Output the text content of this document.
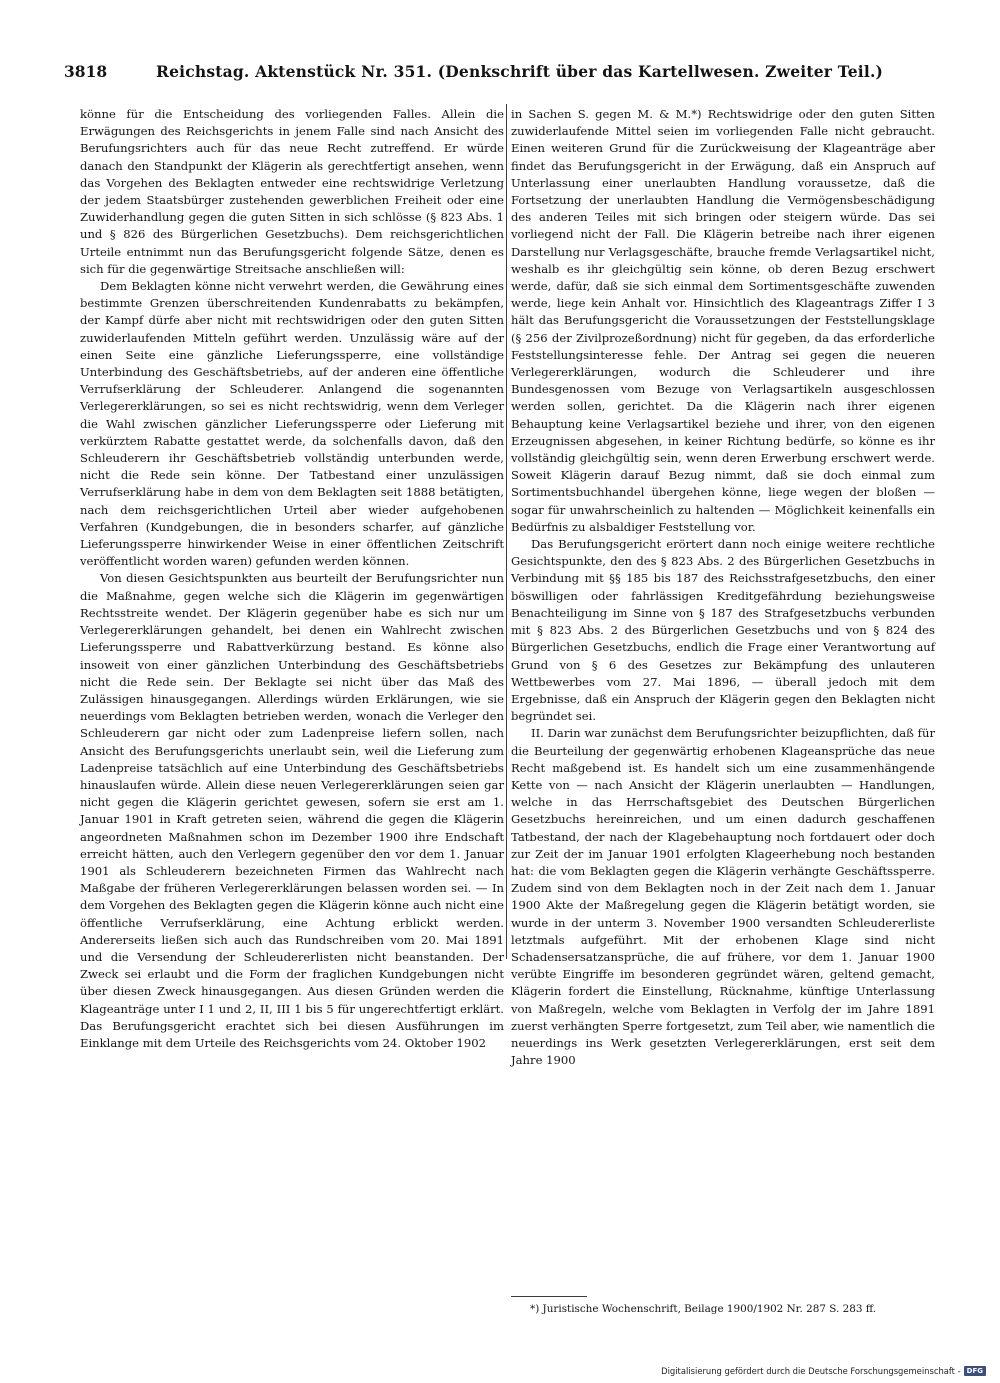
3818	Reichstag. Aktenstück Nr. 351. (Denkschrift über das Kartellwesen. Zweiter Teil.)

könne für die Entscheidung des vorliegenden Falles. Allein die Erwägungen des Reichsgerichts in jenem Falle sind nach Ansicht des Berufungsrichters auch für das neue Recht zutreffend. Er würde danach den Standpunkt der Klägerin als gerechtfertigt ansehen, wenn das Vorgehen des Beklagten entweder eine rechtswidrige Verletzung der jedem Staatsbürger zustehenden gewerblichen Freiheit oder eine Zuwiderhandlung gegen die guten Sitten in sich schlösse (§ 823 Abs. 1 und § 826 des Bürgerlichen Gesetzbuchs). Dem reichsgerichtlichen Urteile entnimmt nun das Berufungsgericht folgende Sätze, denen es sich für die gegenwärtige Streitsache anschließen will:

Dem Beklagten könne nicht verwehrt werden, die Gewährung eines bestimmte Grenzen überschreitenden Kundenrabatts zu bekämpfen, der Kampf dürfe aber nicht mit rechtswidrigen oder den guten Sitten zuwiderlaufenden Mitteln geführt werden. Unzulässig wäre auf der einen Seite eine gänzliche Lieferungssperre, eine vollständige Unterbindung des Geschäftsbetriebs, auf der anderen eine öffentliche Verrufserklärung der Schleuderer. Anlangend die sogenannten Verlegererklärungen, so sei es nicht rechtswidrig, wenn dem Verleger die Wahl zwischen gänzlicher Lieferungssperre oder Lieferung mit verkürztem Rabatte gestattet werde, da solchenfalls davon, daß den Schleuderern ihr Geschäftsbetrieb vollständig unterbunden werde, nicht die Rede sein könne. Der Tatbestand einer unzulässigen Verrufserklärung habe in dem von dem Beklagten seit 1888 betätigten, nach dem reichsgerichtlichen Urteil aber wieder aufgehobenen Verfahren (Kundgebungen, die in besonders scharfer, auf gänzliche Lieferungssperre hinwirkender Weise in einer öffentlichen Zeitschrift veröffentlicht worden waren) gefunden werden können.

Von diesen Gesichtspunkten aus beurteilt der Berufungsrichter nun die Maßnahme, gegen welche sich die Klägerin im gegenwärtigen Rechtsstreite wendet. Der Klägerin gegenüber habe es sich nur um Verlegererklärungen gehandelt, bei denen ein Wahlrecht zwischen Lieferungssperre und Rabattverkürzung bestand. Es könne also insoweit von einer gänzlichen Unterbindung des Geschäftsbetriebs nicht die Rede sein. Der Beklagte sei nicht über das Maß des Zulässigen hinausgegangen. Allerdings würden Erklärungen, wie sie neuerdings vom Beklagten betrieben werden, wonach die Verleger den Schleuderern gar nicht oder zum Ladenpreise liefern sollen, nach Ansicht des Berufungsgerichts unerlaubt sein, weil die Lieferung zum Ladenpreise tatsächlich auf eine Unterbindung des Geschäftsbetriebs hinauslaufen würde. Allein diese neuen Verlegererklärungen seien gar nicht gegen die Klägerin gerichtet gewesen, sofern sie erst am 1. Januar 1901 in Kraft getreten seien, während die gegen die Klägerin angeordneten Maßnahmen schon im Dezember 1900 ihre Endschaft erreicht hätten, auch den Verlegern gegenüber den vor dem 1. Januar 1901 als Schleuderern bezeichneten Firmen das Wahlrecht nach Maßgabe der früheren Verlegererklärungen belassen worden sei. — In dem Vorgehen des Beklagten gegen die Klägerin könne auch nicht eine öffentliche Verrufserklärung, eine Achtung erblickt werden. Andererseits ließen sich auch das Rundschreiben vom 20. Mai 1891 und die Versendung der Schleudererlisten nicht beanstanden. Der Zweck sei erlaubt und die Form der fraglichen Kundgebungen nicht über diesen Zweck hinausgegangen. Aus diesen Gründen werden die Klageanträge unter I 1 und 2, II, III 1 bis 5 für ungerechtfertigt erklärt. Das Berufungsgericht erachtet sich bei diesen Ausführungen im Einklange mit dem Urteile des Reichsgerichts vom 24. Oktober 1902

in Sachen S. gegen M. & M.*) Rechtswidrige oder den guten Sitten zuwiderlaufende Mittel seien im vorliegenden Falle nicht gebraucht. Einen weiteren Grund für die Zurückweisung der Klageanträge aber findet das Berufungsgericht in der Erwägung, daß ein Anspruch auf Unterlassung einer unerlaubten Handlung voraussetze, daß die Fortsetzung der unerlaubten Handlung die Vermögensbeschädigung des anderen Teiles mit sich bringen oder steigern würde. Das sei vorliegend nicht der Fall. Die Klägerin betreibe nach ihrer eigenen Darstellung nur Verlagsgeschäfte, brauche fremde Verlagsartikel nicht, weshalb es ihr gleichgültig sein könne, ob deren Bezug erschwert werde, dafür, daß sie sich einmal dem Sortimentsgeschäfte zuwenden werde, liege kein Anhalt vor. Hinsichtlich des Klageantrags Ziffer I 3 hält das Berufungsgericht die Voraussetzungen der Feststellungsklage (§ 256 der Zivilprozeßordnung) nicht für gegeben, da das erforderliche Feststellungsinteresse fehle. Der Antrag sei gegen die neueren Verlegererklärungen, wodurch die Schleuderer und ihre Bundesgenossen vom Bezuge von Verlagsartikeln ausgeschlossen werden sollen, gerichtet. Da die Klägerin nach ihrer eigenen Behauptung keine Verlagsartikel beziehe und ihrer, von den eigenen Erzeugnissen abgesehen, in keiner Richtung bedürfe, so könne es ihr vollständig gleichgültig sein, wenn deren Erwerbung erschwert werde. Soweit Klägerin darauf Bezug nimmt, daß sie doch einmal zum Sortimentsbuchhandel übergehen könne, liege wegen der bloßen — sogar für unwahrscheinlich zu haltenden — Möglichkeit keinenfalls ein Bedürfnis zu alsbaldiger Feststellung vor.

Das Berufungsgericht erörtert dann noch einige weitere rechtliche Gesichtspunkte, den des § 823 Abs. 2 des Bürgerlichen Gesetzbuchs in Verbindung mit §§ 185 bis 187 des Reichsstrafgesetzbuchs, den einer böswilligen oder fahrlässigen Kreditgefährdung beziehungsweise Benachteiligung im Sinne von § 187 des Strafgesetzbuchs verbunden mit § 823 Abs. 2 des Bürgerlichen Gesetzbuchs und von § 824 des Bürgerlichen Gesetzbuchs, endlich die Frage einer Verantwortung auf Grund von § 6 des Gesetzes zur Bekämpfung des unlauteren Wettbewerbes vom 27. Mai 1896, — überall jedoch mit dem Ergebnisse, daß ein Anspruch der Klägerin gegen den Beklagten nicht begründet sei.

II. Darin war zunächst dem Berufungsrichter beizupflichten, daß für die Beurteilung der gegenwärtig erhobenen Klageansprüche das neue Recht maßgebend ist. Es handelt sich um eine zusammenhängende Kette von — nach Ansicht der Klägerin unerlaubten — Handlungen, welche in das Herrschaftsgebiet des Deutschen Bürgerlichen Gesetzbuchs hereinreichen, und um einen dadurch geschaffenen Tatbestand, der nach der Klagebehauptung noch fortdauert oder doch zur Zeit der im Januar 1901 erfolgten Klageerhebung noch bestanden hat: die vom Beklagten gegen die Klägerin verhängte Geschäftssperre. Zudem sind von dem Beklagten noch in der Zeit nach dem 1. Januar 1900 Akte der Maßregelung gegen die Klägerin betätigt worden, sie wurde in der unterm 3. November 1900 versandten Schleudererliste letztmals aufgeführt. Mit der erhobenen Klage sind nicht Schadensersatzansprüche, die auf frühere, vor dem 1. Januar 1900 verübte Eingriffe im besonderen gegründet wären, geltend gemacht, Klägerin fordert die Einstellung, Rücknahme, künftige Unterlassung von Maßregeln, welche vom Beklagten in Verfolg der im Jahre 1891 zuerst verhängten Sperre fortgesetzt, zum Teil aber, wie namentlich die neuerdings ins Werk gesetzten Verlegererklärungen, erst seit dem Jahre 1900

*) Juristische Wochenschrift, Beilage 1900/1902 Nr. 287 S. 283 ff.
Digitalisierung gefördert durch die Deutsche Forschungsgemeinschaft - DFG
